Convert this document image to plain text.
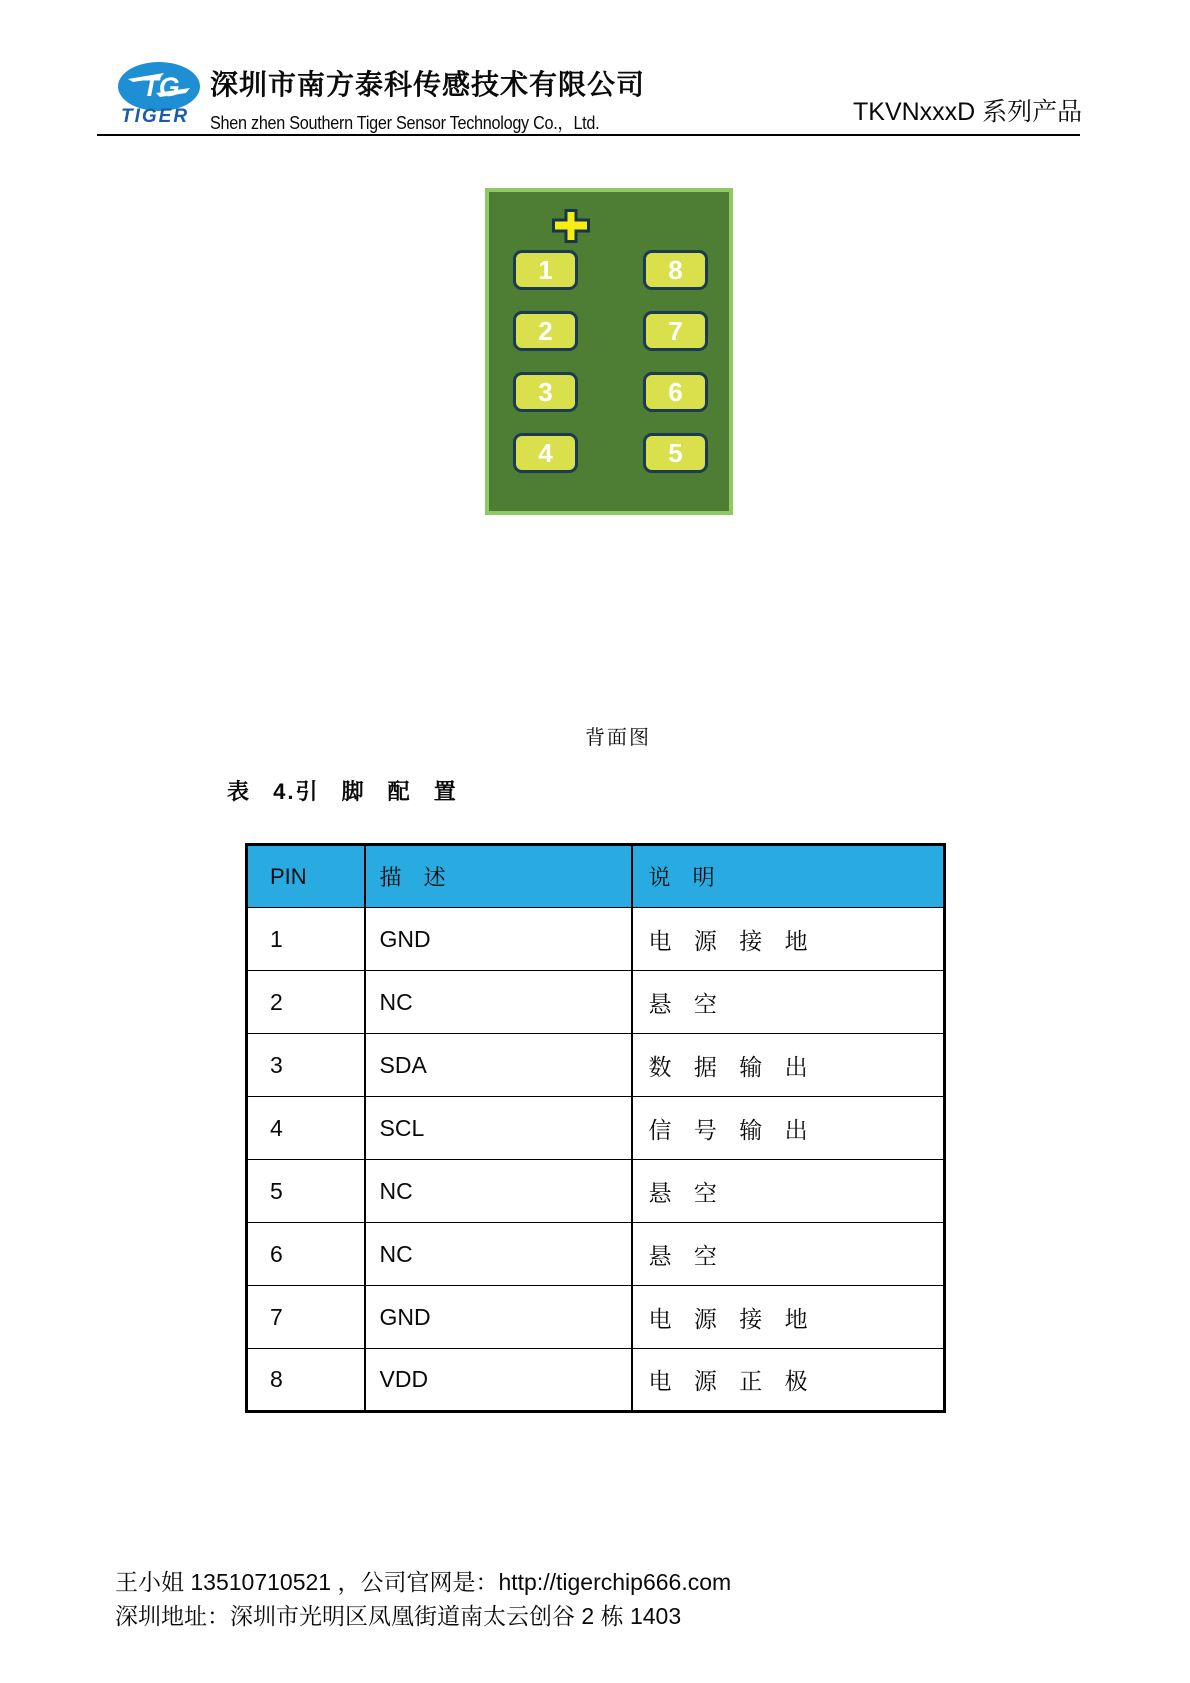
TG
TIGER
深圳市南方泰科传感技术有限公司
Shen zhen Southern Tiger Sensor Technology Co.，Ltd.	TKVNxxxD 系列产品
1
2
3
4
8
7
6
5
背面图
表 4.引 脚 配 置
PIN	描 述	说 明
1	GND	电 源 接 地
2	NC	悬 空
3	SDA	数 据 输 出
4	SCL	信 号 输 出
5	NC	悬 空
6	NC	悬 空
7	GND	电 源 接 地
8	VDD	电 源 正 极
王小姐 13510710521 ，公司官网是：http://tigerchip666.com
深圳地址：深圳市光明区凤凰街道南太云创谷 2 栋 1403
